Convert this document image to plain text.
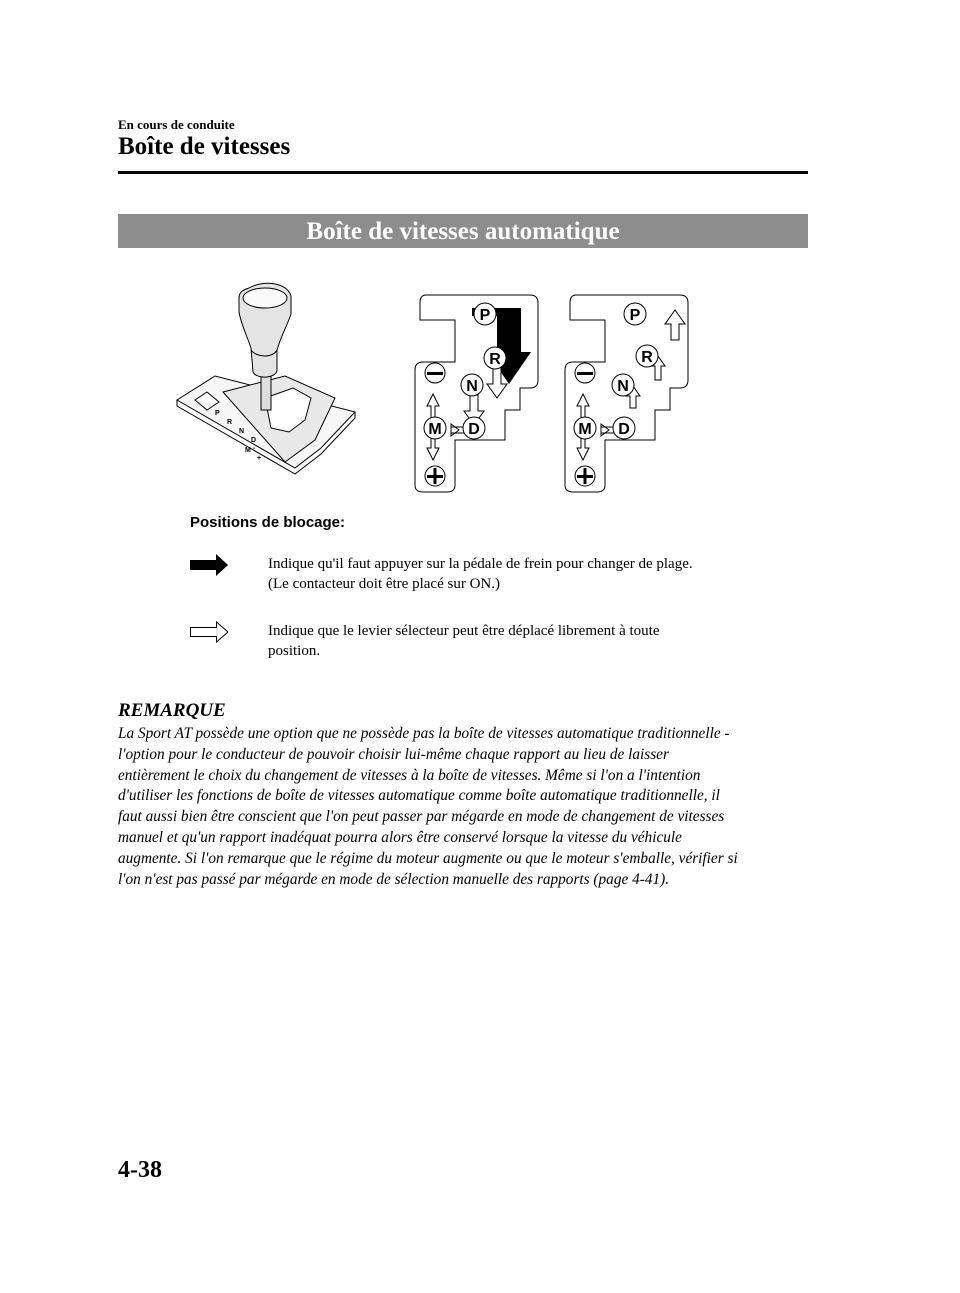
En cours de conduite
Boîte de vitesses
Boîte de vitesses automatique
P
R
N
D
M -
+
P
R
N
D
M
P
R
N
D
M
Positions de blocage:
Indique qu'il faut appuyer sur la pédale de frein pour changer de plage.
(Le contacteur doit être placé sur ON.)
Indique que le levier sélecteur peut être déplacé librement à toute
position.
REMARQUE
La Sport AT possède une option que ne possède pas la boîte de vitesses automatique traditionnelle -
l'option pour le conducteur de pouvoir choisir lui-même chaque rapport au lieu de laisser
entièrement le choix du changement de vitesses à la boîte de vitesses. Même si l'on a l'intention
d'utiliser les fonctions de boîte de vitesses automatique comme boîte automatique traditionnelle, il
faut aussi bien être conscient que l'on peut passer par mégarde en mode de changement de vitesses
manuel et qu'un rapport inadéquat pourra alors être conservé lorsque la vitesse du véhicule
augmente. Si l'on remarque que le régime du moteur augmente ou que le moteur s'emballe, vérifier si
l'on n'est pas passé par mégarde en mode de sélection manuelle des rapports (page 4-41).
4-38
